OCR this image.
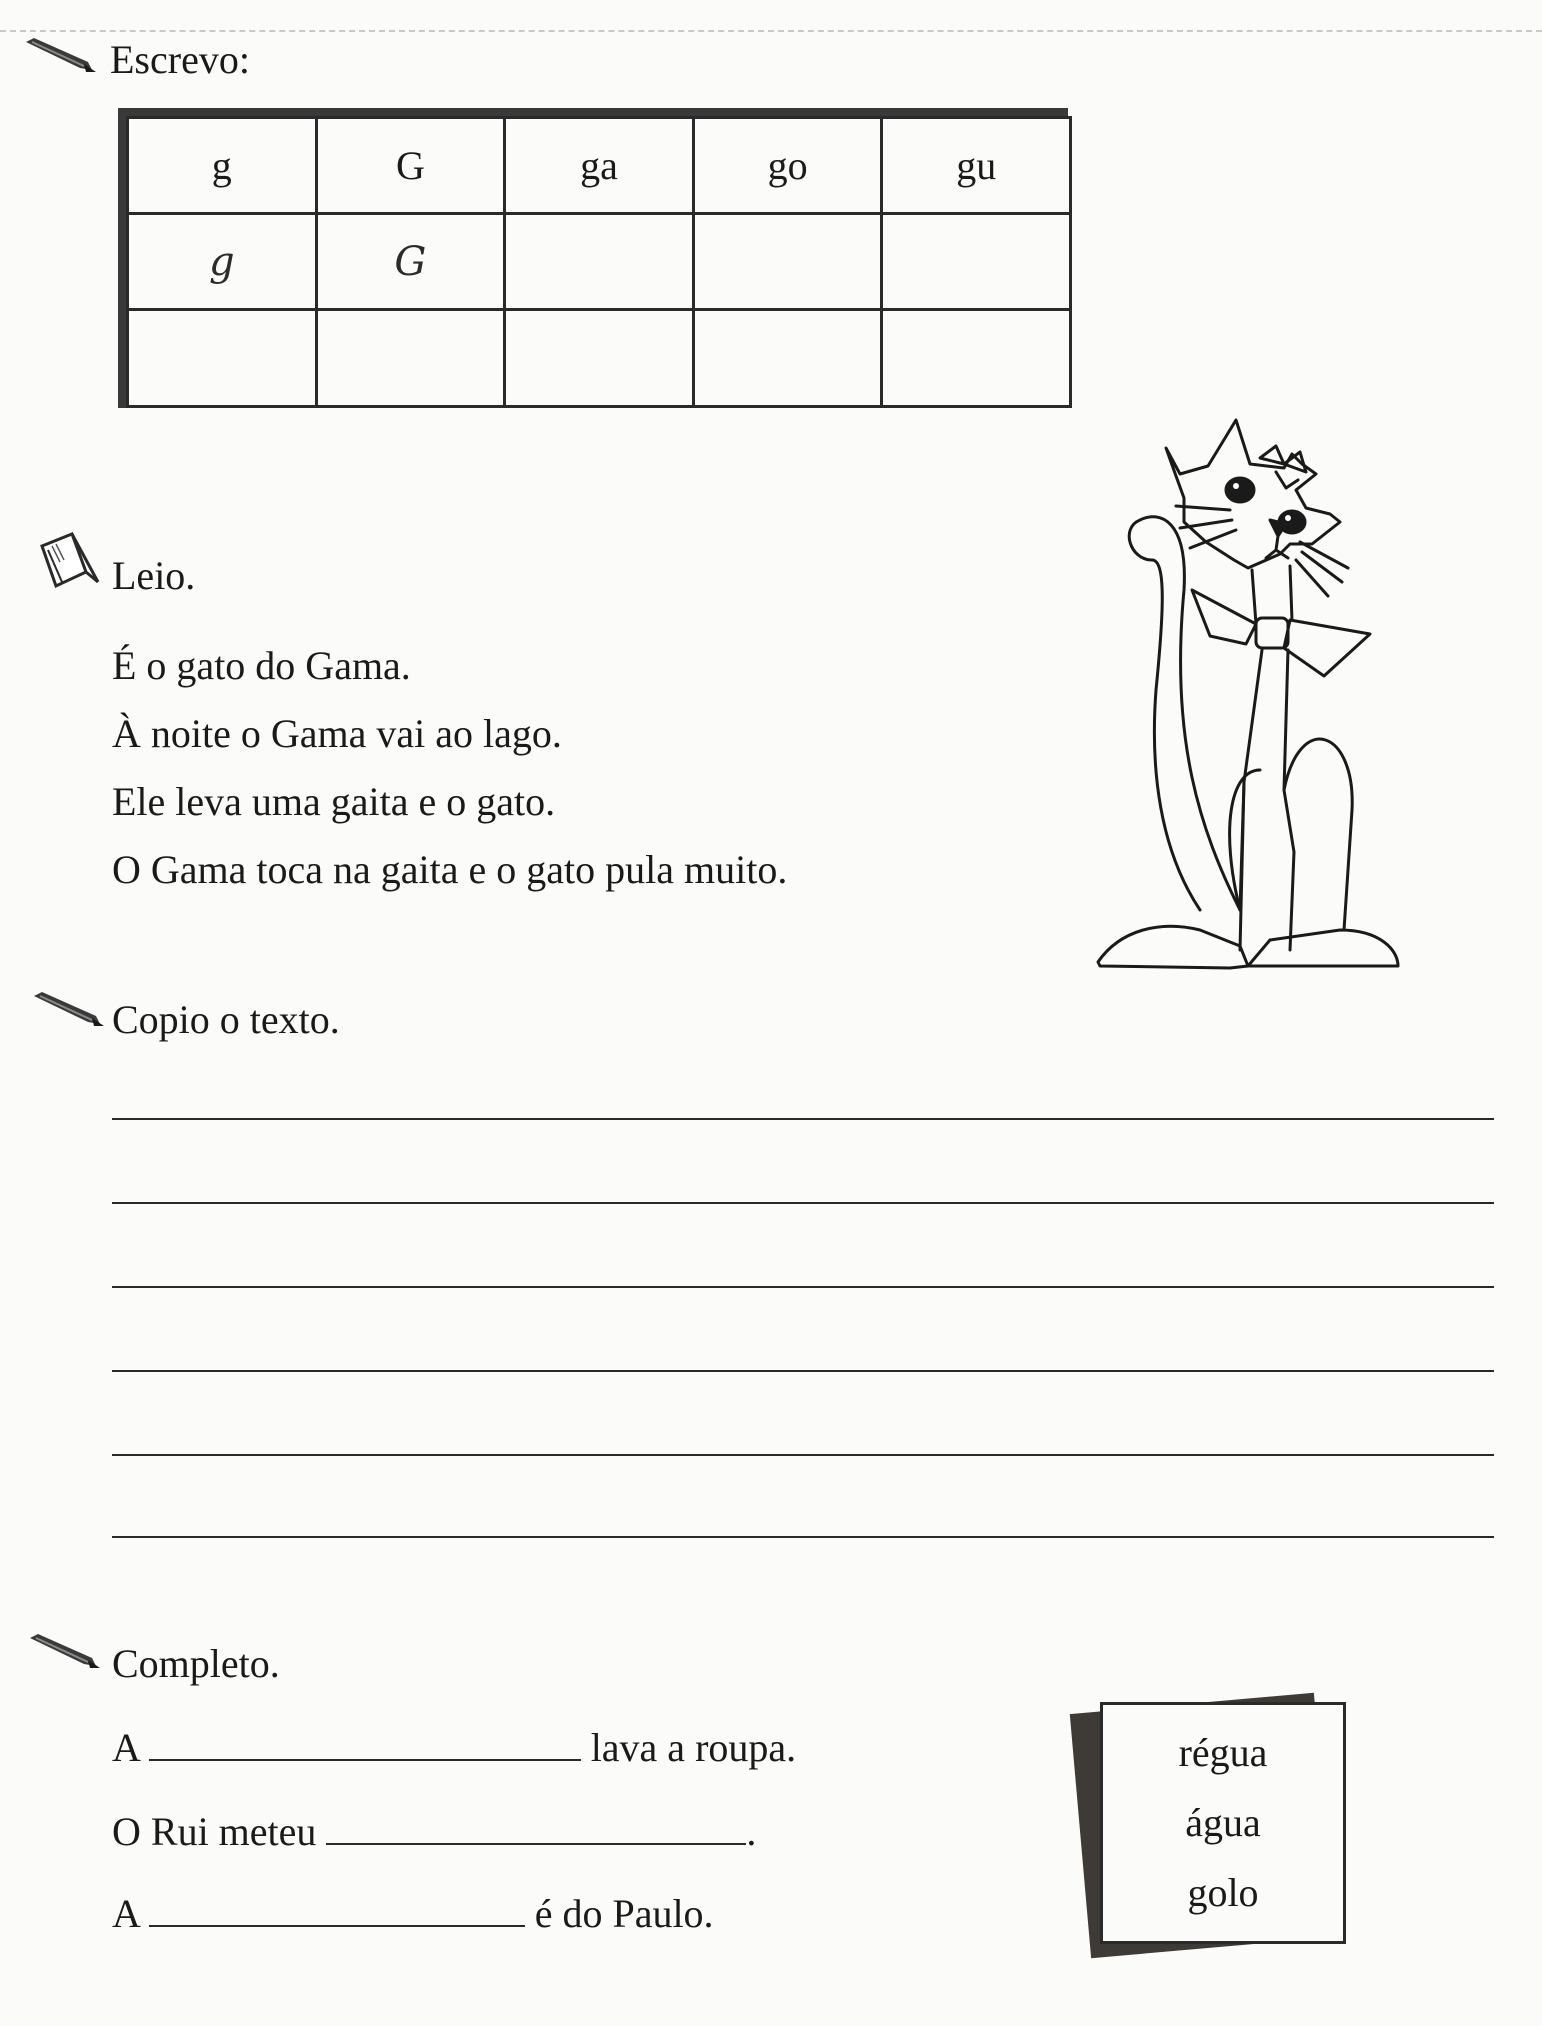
Escrevo:
g	G	ga	go	gu
g	G			

Leio.
É o gato do Gama.
À noite o Gama vai ao lago.
Ele leva uma gaita e o gato.
O Gama toca na gaita e o gato pula muito.
Copio o texto.
Completo.
A	lava a roupa.
O Rui meteu	.
A	é do Paulo.
régua
água
golo
